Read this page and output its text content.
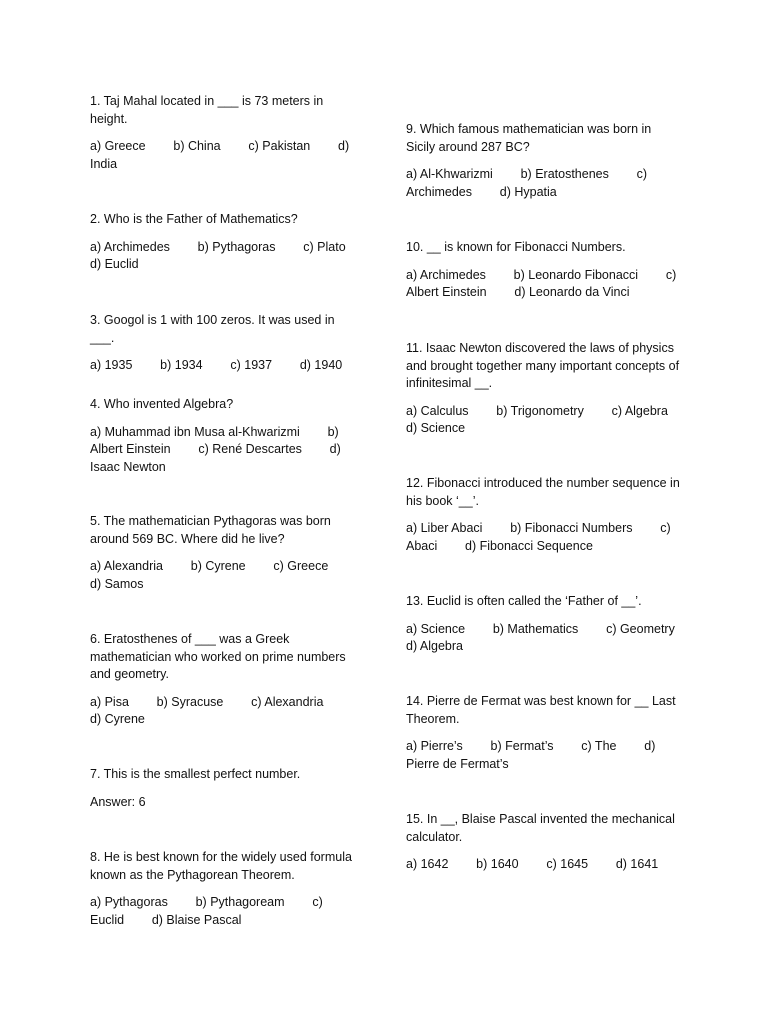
1. Taj Mahal located in ___ is 73 meters in height.

a) Greece        b) China        c) Pakistan        d) India

2. Who is the Father of Mathematics?

a) Archimedes        b) Pythagoras        c) Plato        d) Euclid

3. Googol is 1 with 100 zeros. It was used in ___.

a) 1935        b) 1934        c) 1937        d) 1940

4. Who invented Algebra?

a) Muhammad ibn Musa al-Khwarizmi        b) Albert Einstein        c) René Descartes        d) Isaac Newton

5. The mathematician Pythagoras was born around 569 BC. Where did he live?

a) Alexandria        b) Cyrene        c) Greece        d) Samos

6. Eratosthenes of ___ was a Greek mathematician who worked on prime numbers and geometry.

a) Pisa        b) Syracuse        c) Alexandria        d) Cyrene

7. This is the smallest perfect number.

Answer: 6

8. He is best known for the widely used formula known as the Pythagorean Theorem.

a) Pythagoras        b) Pythagoream        c) Euclid        d) Blaise Pascal

9. Which famous mathematician was born in Sicily around 287 BC?

a) Al-Khwarizmi        b) Eratosthenes        c) Archimedes        d) Hypatia

10. __ is known for Fibonacci Numbers.

a) Archimedes        b) Leonardo Fibonacci        c) Albert Einstein        d) Leonardo da Vinci

11. Isaac Newton discovered the laws of physics and brought together many important concepts of infinitesimal __.

a) Calculus        b) Trigonometry        c) Algebra        d) Science

12. Fibonacci introduced the number sequence in his book ‘__’.

a) Liber Abaci        b) Fibonacci Numbers        c) Abaci        d) Fibonacci Sequence

13. Euclid is often called the ‘Father of __’.

a) Science        b) Mathematics        c) Geometry        d) Algebra

14. Pierre de Fermat was best known for __ Last Theorem.

a) Pierre’s        b) Fermat’s        c) The        d) Pierre de Fermat’s

15. In __, Blaise Pascal invented the mechanical calculator.

a) 1642        b) 1640        c) 1645        d) 1641
